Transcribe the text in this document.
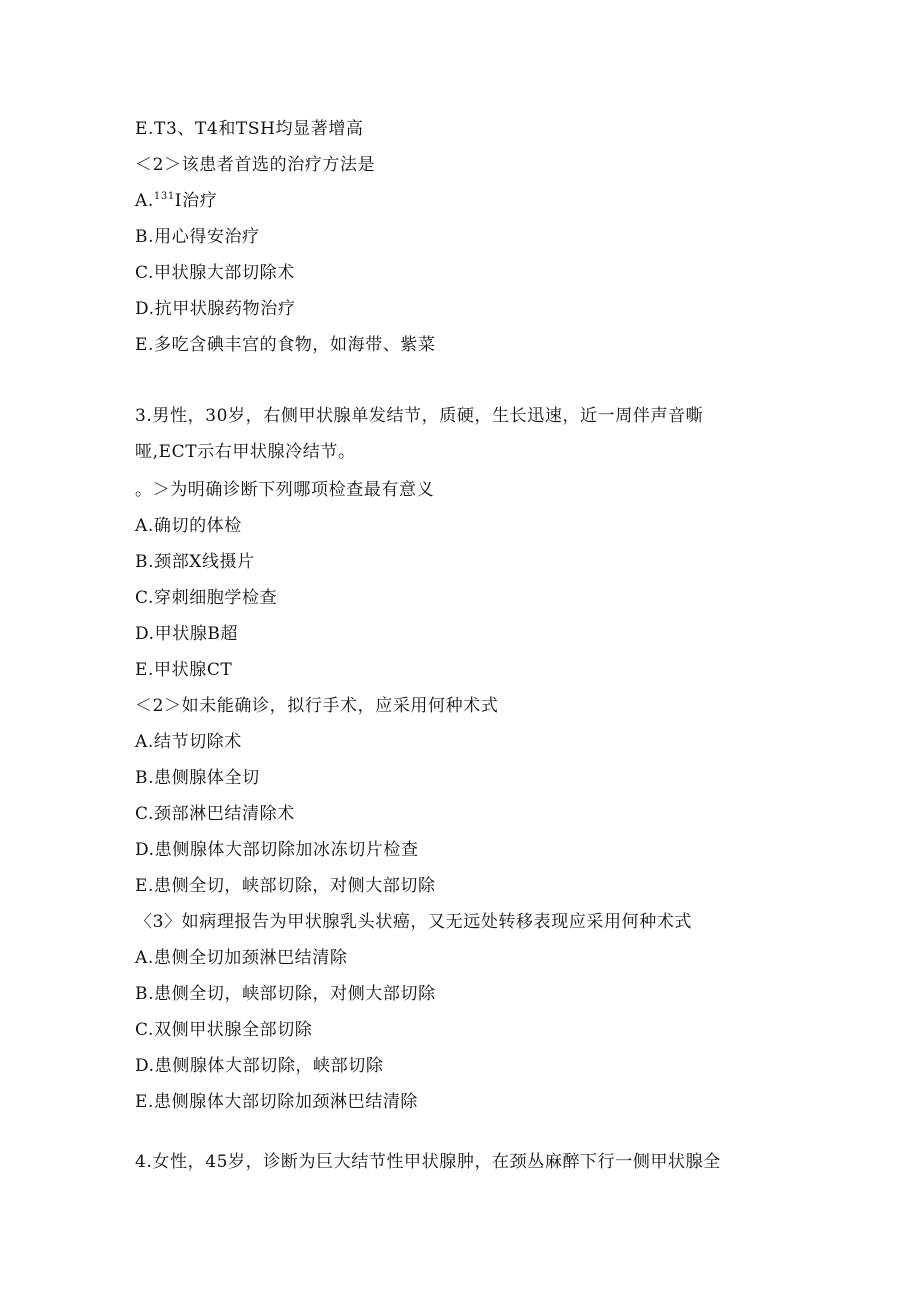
E.T3、T4和TSH均显著增高
＜2＞该患者首选的治疗方法是
A.$^{131}$I治疗
B.用心得安治疗
C.甲状腺大部切除术
D.抗甲状腺药物治疗
E.多吃含碘丰宫的食物，如海带、紫菜
3.男性，30岁，右侧甲状腺单发结节，质硬，生长迅速，近一周伴声音嘶哑,ECT示右甲状腺冷结节。
。＞为明确诊断下列哪项检查最有意义
A.确切的体检
B.颈部X线摄片
C.穿刺细胞学检查
D.甲状腺B超
E.甲状腺CT
＜2＞如未能确诊，拟行手术，应采用何种术式
A.结节切除术
B.患侧腺体全切
C.颈部淋巴结清除术
D.患侧腺体大部切除加冰冻切片检查
E.患侧全切，峡部切除，对侧大部切除
〈3〉如病理报告为甲状腺乳头状癌，又无远处转移表现应采用何种术式
A.患侧全切加颈淋巴结清除
B.患侧全切，峡部切除，对侧大部切除
C.双侧甲状腺全部切除
D.患侧腺体大部切除，峡部切除
E.患侧腺体大部切除加颈淋巴结清除
4.女性，45岁，诊断为巨大结节性甲状腺肿，在颈丛麻醉下行一侧甲状腺全
